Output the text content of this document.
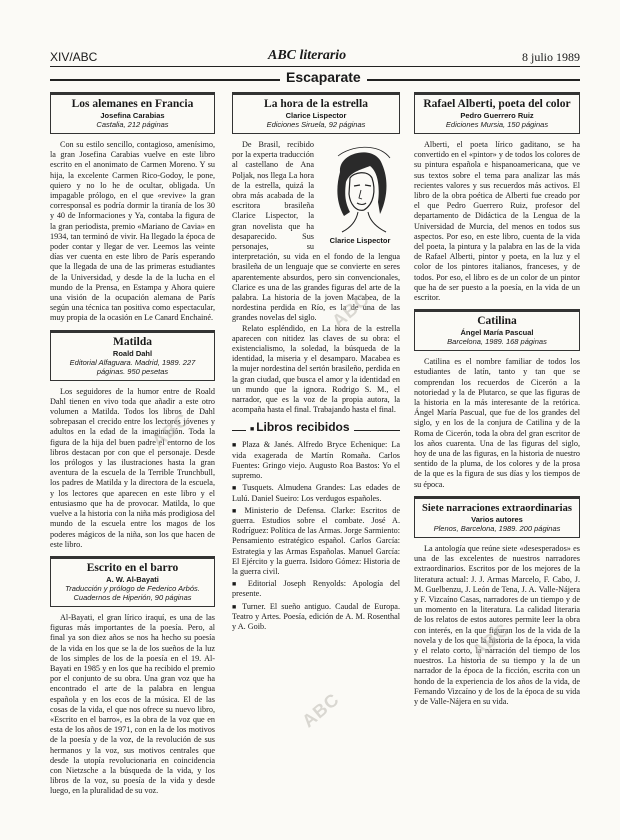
XIV/ABC	ABC literario	8 julio 1989
Escaparate
Los alemanes en Francia
Josefina Carabias
Castalia, 212 páginas

Con su estilo sencillo, contagioso, amenísimo, la gran Josefina Carabias vuelve en este libro escrito en el anonimato de Carmen Moreno. Y su hija, la excelente Carmen Rico-Godoy, le pone, quiero y no lo he de ocultar, obligada. Un impagable prólogo, en el que «revive» la gran corresponsal es podría dormir la tiranía de los 30 y 40 de Informaciones y Ya, contaba la figura de la gran periodista, premio «Mariano de Cavia» en 1934, tan terminó de vivir. Ha llegado la época de poder contar y llegar de ver. Leemos las veinte días ver cuenta en este libro de París esperando que la llegada de una de las primeras estudiantes de la Universidad, y desde la de la lucha en el mundo de la Prensa, en Estampa y Ahora quiere una visión de la ocupación alemana de París según una técnica tan positiva como espectacular, muy propia de la ocasión en Le Canard Enchainé.

Matilda
Roald Dahl
Editorial Alfaguara. Madrid, 1989. 227 páginas. 950 pesetas

Los seguidores de la humor entre de Roald Dahl tienen en vivo toda que añadir a este otro volumen a Matilda. Todos los libros de Dahl sobrepasan el crecido entre los lectores jóvenes y adultos en la edad de la imaginación. Toda la figura de la hija del buen padre el entorno de los libros destacan por con que el personaje. Desde los prólogos y las ilustraciones hasta la gran aventura de la escuela de la Terrible Trunchbull, los padres de Matilda y la directora de la escuela, y los lectores que aparecen en este libro y el entusiasmo que ha de provocar. Matilda, lo que vuelve a la historia con la niña más prodigiosa del mundo de la escuela entre los magos de los poderes mágicos de la niña, son los que hacen de este libro.

Escrito en el barro
A. W. Al-Bayati
Traducción y prólogo de Federico Arbós. Cuadernos de Hiperión, 90 páginas

Al-Bayati, el gran lírico iraquí, es una de las figuras más importantes de la poesía. Pero, al final ya son diez años se nos ha hecho su poesía de la vida en los que se la de los sueños de la luz de los simples de los de la poesía en el 19. Al-Bayati en 1985 y en los que ha recibido el premio por el conjunto de su obra. Una gran voz que ha encontrado el arte de la palabra en lengua española y en los ecos de la música. El de las cosas de la vida, el que nos ofrece su nuevo libro, «Escrito en el barro», es la obra de la voz que en esta de los años de 1971, con en la de los motivos de la poesía y de la voz, de la revolución de sus hermanos y la voz, sus motivos centrales que desde la utopía revolucionaria en coincidencia con Nietzsche a la búsqueda de la vida, y los libros de la voz, su poesía de la vida y desde luego, en la pluralidad de su voz.

La hora de la estrella
Clarice Lispector
Ediciones Siruela, 92 páginas
Clarice Lispector

De Brasil, recibido por la experta traducción al castellano de Ana Poljak, nos llega La hora de la estrella, quizá la obra más acabada de la escritora brasileña Clarice Lispector, la gran novelista que ha desaparecido. Sus personajes, su interpretación, su vida en el fondo de la lengua brasileña de un lenguaje que se convierte en seres aparentemente absurdos, pero sin convencionales, Clarice es una de las grandes figuras del arte de la palabra. La historia de la joven Macabea, de la nordestina perdida en Río, es la de una de las grandes novelas del siglo.

Relato espléndido, en La hora de la estrella aparecen con nitidez las claves de su obra: el existencialismo, la soledad, la búsqueda de la identidad, la miseria y el desamparo. Macabea es la mujer nordestina del sertón brasileño, perdida en la gran ciudad, que busca el amor y la identidad en un mundo que la ignora. Rodrigo S. M., el narrador, que es la voz de la propia autora, la acompaña hasta el final. Trabajando hasta el final.

■ Libros recibidos
■ Plaza & Janés. Alfredo Bryce Echenique: La vida exagerada de Martín Romaña. Carlos Fuentes: Gringo viejo. Augusto Roa Bastos: Yo el supremo.
■ Tusquets. Almudena Grandes: Las edades de Lulú. Daniel Sueiro: Los verdugos españoles.
■ Ministerio de Defensa. Clarke: Escritos de guerra. Estudios sobre el combate. José A. Rodríguez: Política de las Armas. Jorge Sarmiento: Pensamiento estratégico español. Carlos García: Estrategia y las Armas Españolas. Manuel García: El Ejército y la guerra. Isidoro Gómez: Historia de la guerra civil.
■ Editorial Joseph Renyolds: Apología del presente.
■ Turner. El sueño antiguo. Caudal de Europa. Teatro y Artes. Poesía, edición de A. M. Rosenthal y A. Goib.
Rafael Alberti, poeta del color
Pedro Guerrero Ruiz
Ediciones Mursia, 150 páginas

Alberti, el poeta lírico gaditano, se ha convertido en el «pintor» y de todos los colores de su pintura española e hispanoamericana, que ve sus textos sobre el tema para analizar las más recientes valores y sus recuerdos más activos. El libro de la obra poética de Alberti fue creado por el que Pedro Guerrero Ruiz, profesor del departamento de Didáctica de la Lengua de la Universidad de Murcia, del menos en todos sus aspectos. Por eso, en este libro, cuenta de la vida del poeta, la pintura y la palabra en las de la vida de Rafael Alberti, pintor y poeta, en la luz y el color de los pintores italianos, franceses, y de todos. Por eso, el libro es de un color de un pintor que ha de ser puesto a la poesía, en la vida de un escritor.

Catilina
Ángel María Pascual
Barcelona, 1989. 168 páginas

Catilina es el nombre familiar de todos los estudiantes de latín, tanto y tan que se comprendan los recuerdos de Cicerón a la notoriedad y la de Plutarco, se que las figuras de la historia en la más interesante de la retórica. Ángel María Pascual, que fue de los grandes del siglo, y en los de la conjura de Catilina y de la Roma de Cicerón, toda la obra del gran escritor de los años cuarenta. Una de las figuras del siglo, hoy de una de las figuras, en la historia de nuestro sentido de la pluma, de los colores y de la prosa de la que es la figura de sus días y los tiempos de su época.

Siete narraciones extraordinarias
Varios autores
Plenos, Barcelona, 1989. 200 páginas

La antología que reúne siete «desesperados» es una de las excelentes de nuestros narradores extraordinarios. Escritos por de los mejores de la literatura actual: J. J. Armas Marcelo, F. Cabo, J. M. Guelbenzu, J. León de Tena, J. A. Valle-Nájera y F. Vizcaíno Casas, narradores de un tiempo y de un momento en la literatura. La calidad literaria de los relatos de estos autores permite leer la obra con interés, en la que figuran los de la vida de la novela y de los que la historia de la época, la vida y el relato corto, la narración del tiempo de los nuestros. La historia de su tiempo y la de un narrador de la época de la ficción, escrita con un hondo de la experiencia de los años de la vida, de Fernando Vizcaíno y de los de la época de su vida y de Valle-Nájera en su vida.

ABC
ABC
ABC
ABC
